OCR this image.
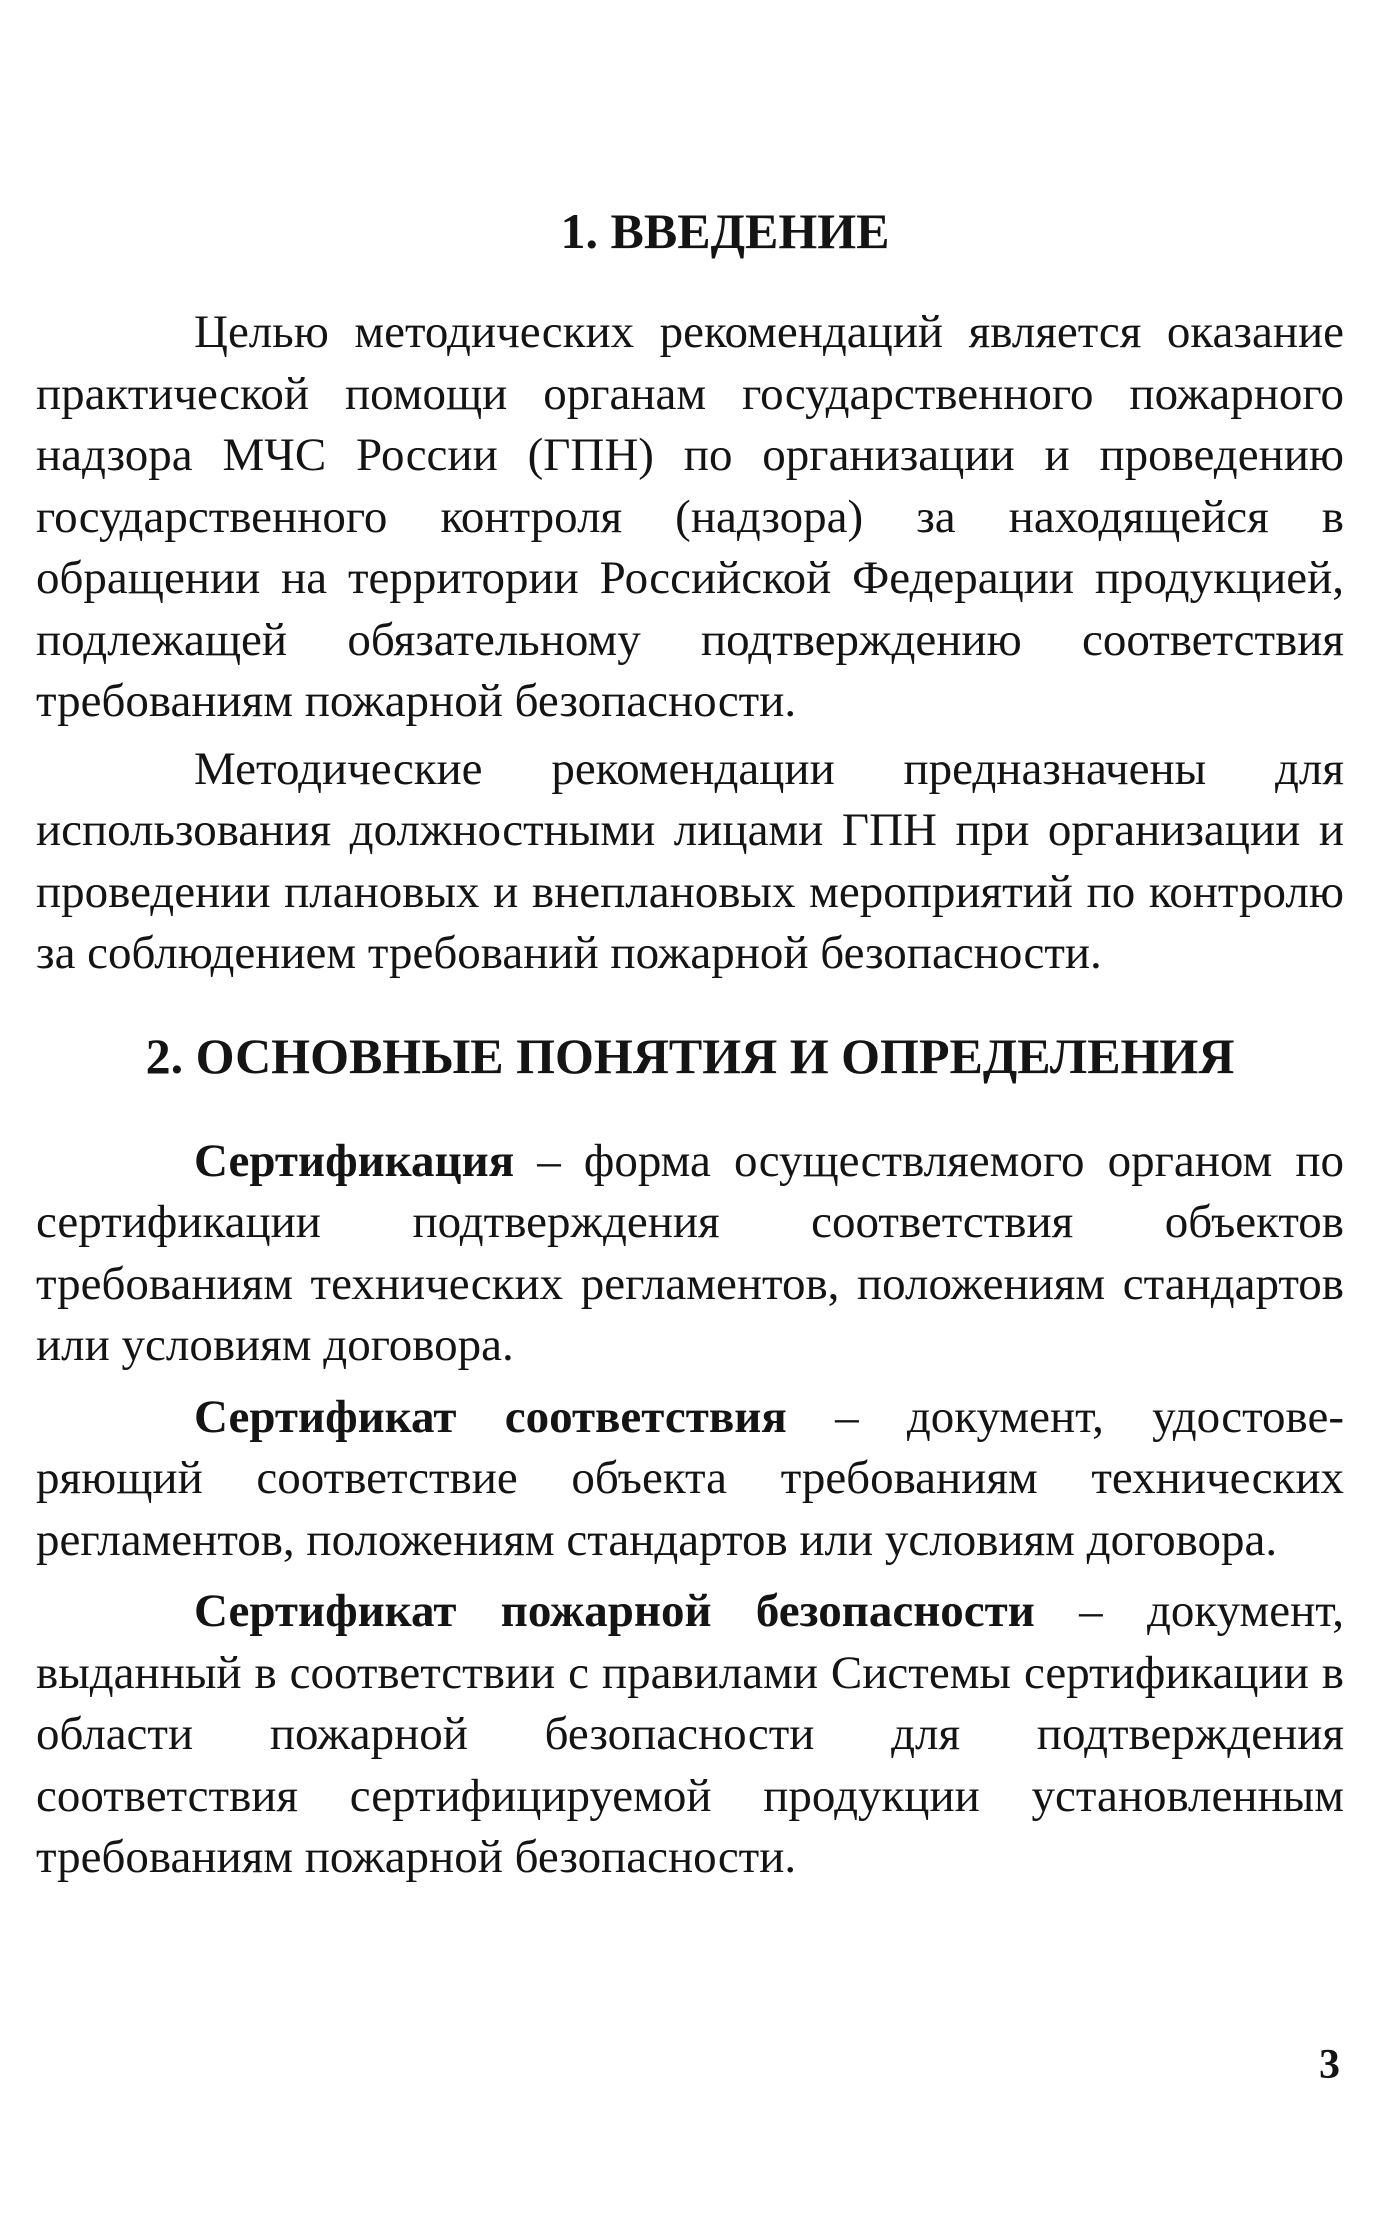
1. ВВЕДЕНИЕ

Целью методических рекомендаций является оказание практической помощи органам государственного пожарного надзора МЧС России (ГПН) по организации и проведению государственного контроля (надзора) за находящейся в обращении на территории Российской Федерации продукцией, подлежащей обязательному подтверждению соответствия требованиям пожарной безопасности.

Методические рекомендации предназначены для использования должностными лицами ГПН при организации и проведении плановых и внеплановых мероприятий по контролю за соблюдением требований пожарной безопасности.

2. ОСНОВНЫЕ ПОНЯТИЯ И ОПРЕДЕЛЕНИЯ

Сертификация – форма осуществляемого органом по сертификации подтверждения соответствия объектов требованиям технических регламентов, положениям стандартов или условиям договора.

Сертификат соответствия – документ, удостоверяющий соответствие объекта требованиям технических регламентов, положениям стандартов или условиям договора.

Сертификат пожарной безопасности – документ, выданный в соответствии с правилами Системы сертификации в области пожарной безопасности для подтверждения соответствия сертифицируемой продукции установленным требованиям пожарной безопасности.

3
